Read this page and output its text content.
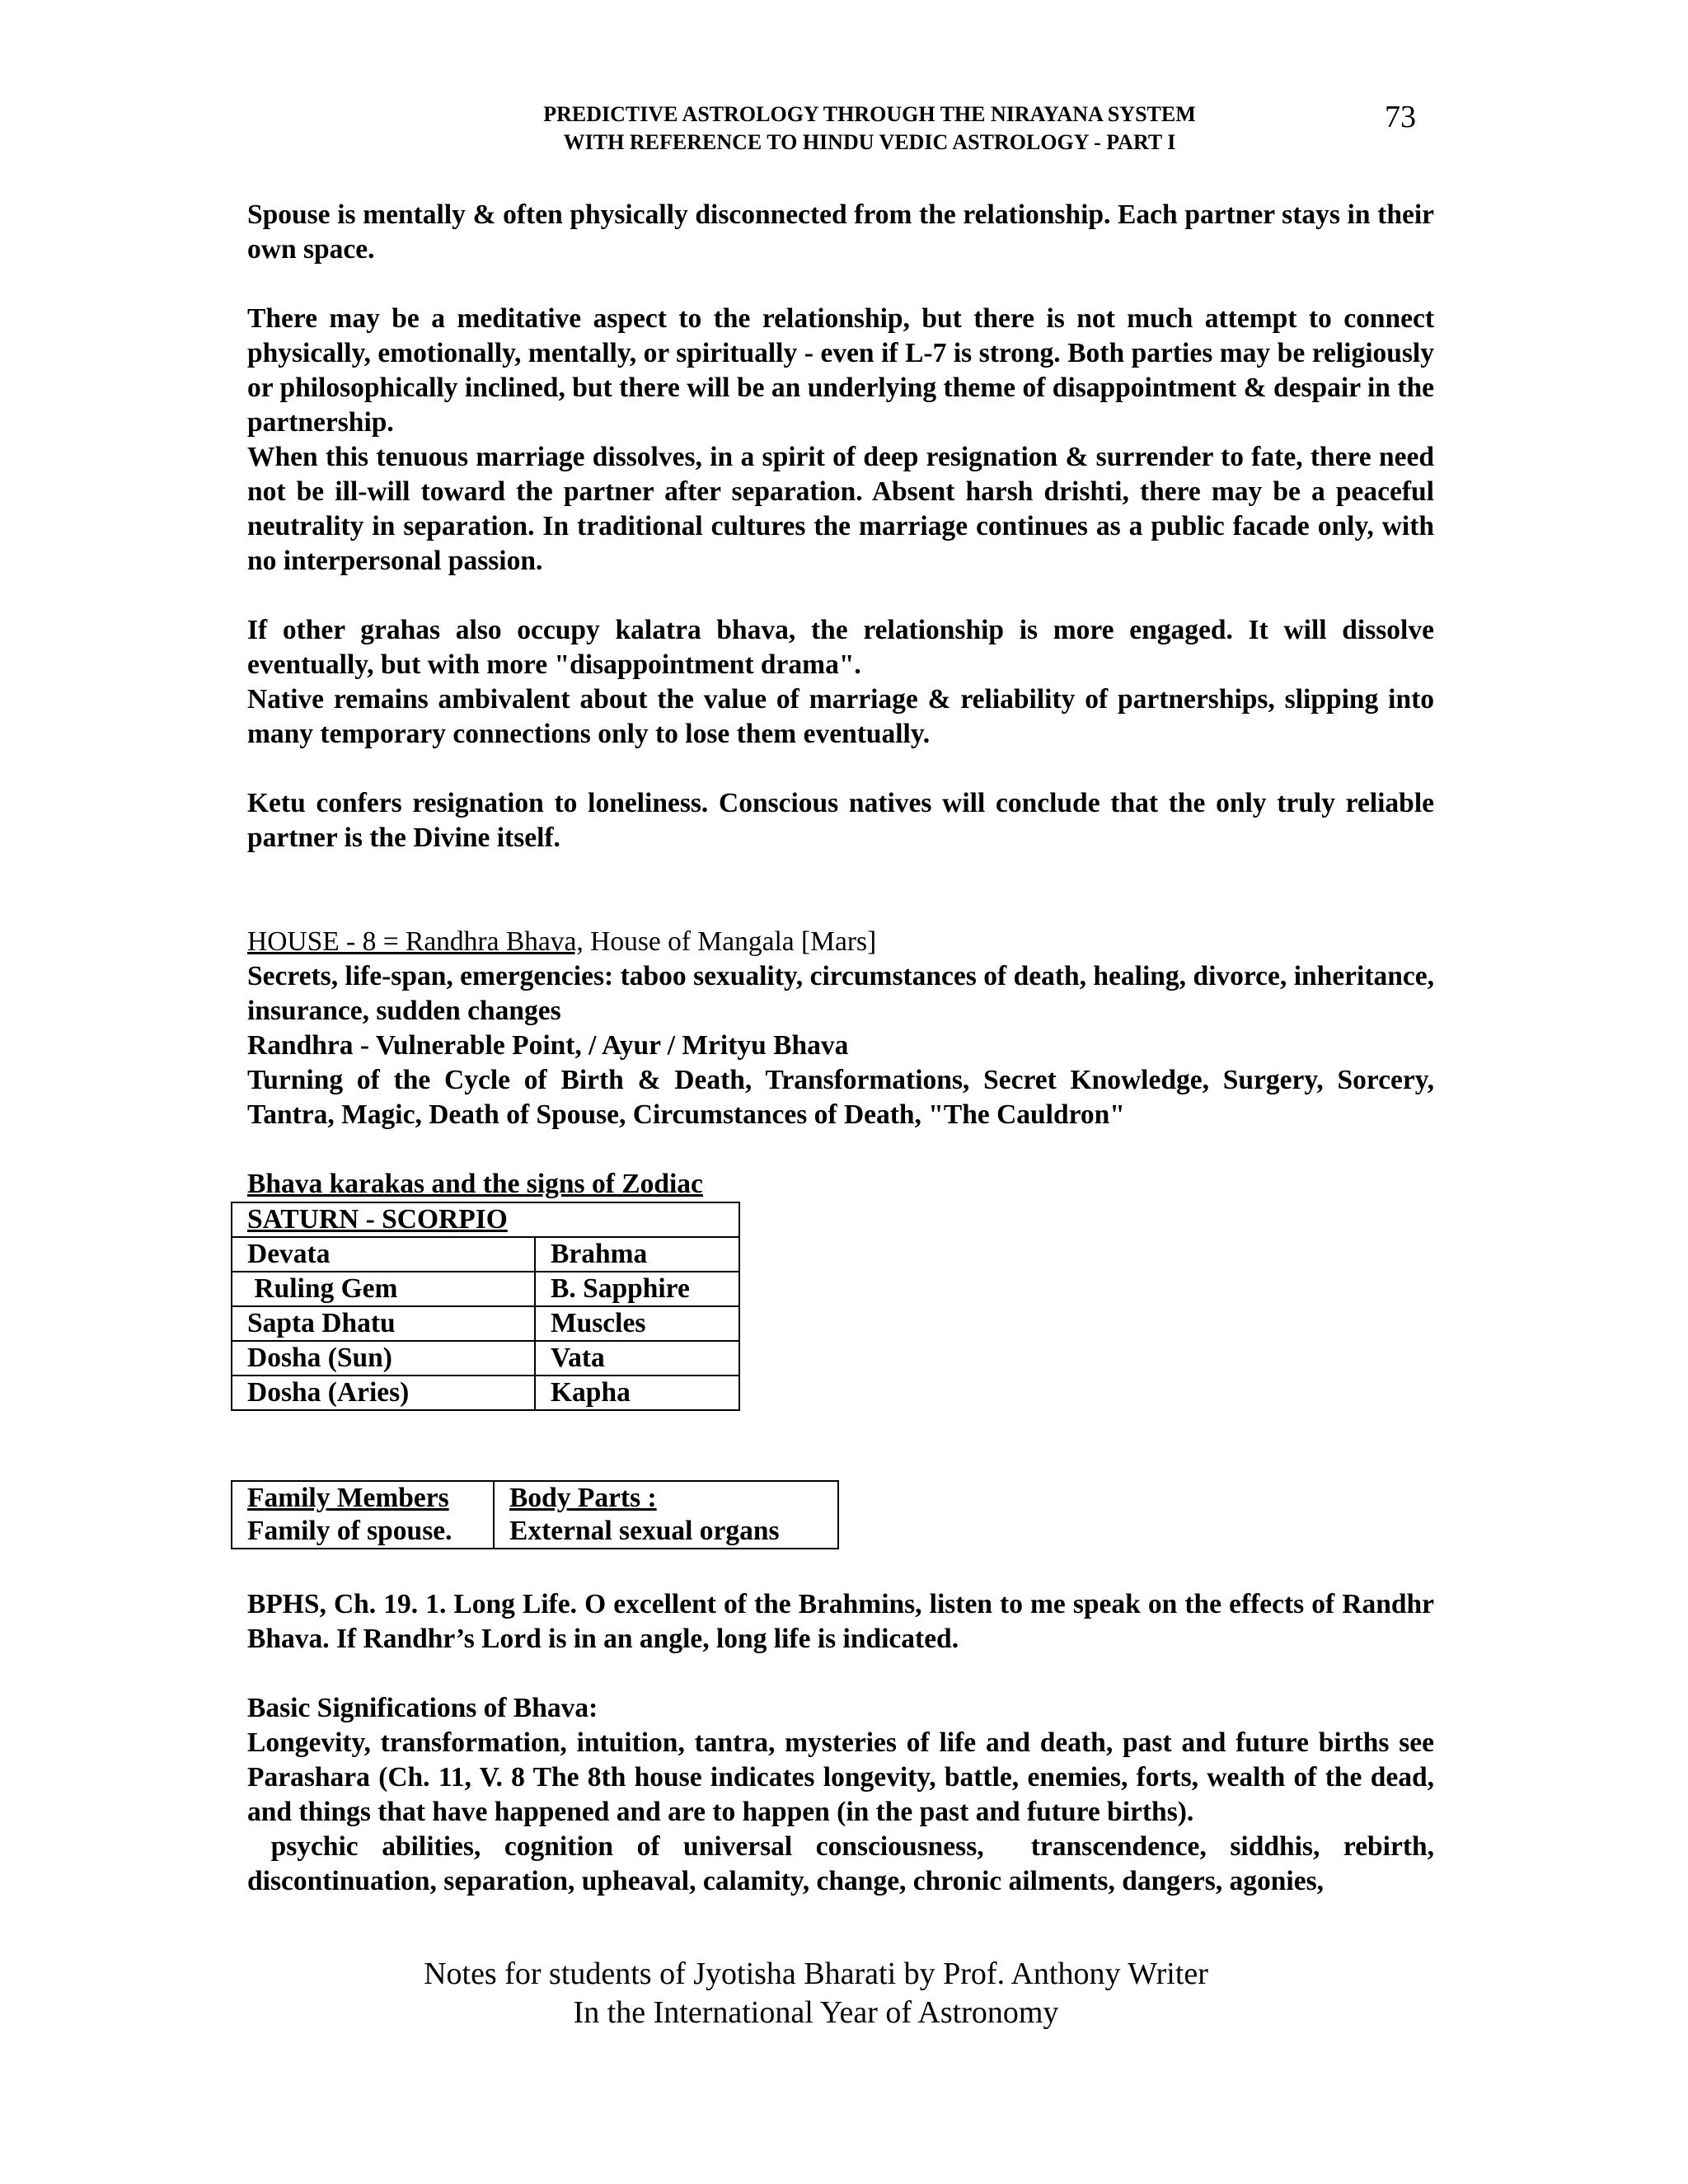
PREDICTIVE ASTROLOGY THROUGH THE NIRAYANA SYSTEM
WITH REFERENCE TO HINDU VEDIC ASTROLOGY - PART I
73

Spouse is mentally & often physically disconnected from the relationship. Each partner stays in their own space.

There may be a meditative aspect to the relationship, but there is not much attempt to connect physically, emotionally, mentally, or spiritually - even if L-7 is strong. Both parties may be religiously or philosophically inclined, but there will be an underlying theme of disappointment & despair in the partnership.

When this tenuous marriage dissolves, in a spirit of deep resignation & surrender to fate, there need not be ill-will toward the partner after separation. Absent harsh drishti, there may be a peaceful neutrality in separation. In traditional cultures the marriage continues as a public facade only, with no interpersonal passion.

If other grahas also occupy kalatra bhava, the relationship is more engaged. It will dissolve eventually, but with more "disappointment drama".

Native remains ambivalent about the value of marriage & reliability of partnerships, slipping into many temporary connections only to lose them eventually.

Ketu confers resignation to loneliness. Conscious natives will conclude that the only truly reliable partner is the Divine itself.

HOUSE - 8 = Randhra Bhava, House of Mangala [Mars]

Secrets, life-span, emergencies: taboo sexuality, circumstances of death, healing, divorce, inheritance, insurance, sudden changes

Randhra - Vulnerable Point, / Ayur / Mrityu Bhava

Turning of the Cycle of Birth & Death, Transformations, Secret Knowledge, Surgery, Sorcery, Tantra, Magic, Death of Spouse, Circumstances of Death, "The Cauldron"

Bhava karakas and the signs of Zodiac
SATURN - SCORPIO	
Devata	Brahma
Ruling Gem	B. Sapphire
Sapta Dhatu	Muscles
Dosha (Sun)	Vata
Dosha (Aries)	Kapha
Family Members	Body Parts :
Family of spouse.	External sexual organs

BPHS, Ch. 19. 1. Long Life. O excellent of the Brahmins, listen to me speak on the effects of Randhr Bhava. If Randhr’s Lord is in an angle, long life is indicated.

Basic Significations of Bhava:

Longevity, transformation, intuition, tantra, mysteries of life and death, past and future births see Parashara (Ch. 11, V. 8 The 8th house indicates longevity, battle, enemies, forts, wealth of the dead, and things that have happened and are to happen (in the past and future births).

psychic abilities, cognition of universal consciousness,  transcendence, siddhis, rebirth, discontinuation, separation, upheaval, calamity, change, chronic ailments, dangers, agonies,

Notes for students of Jyotisha Bharati by Prof. Anthony Writer
In the International Year of Astronomy
